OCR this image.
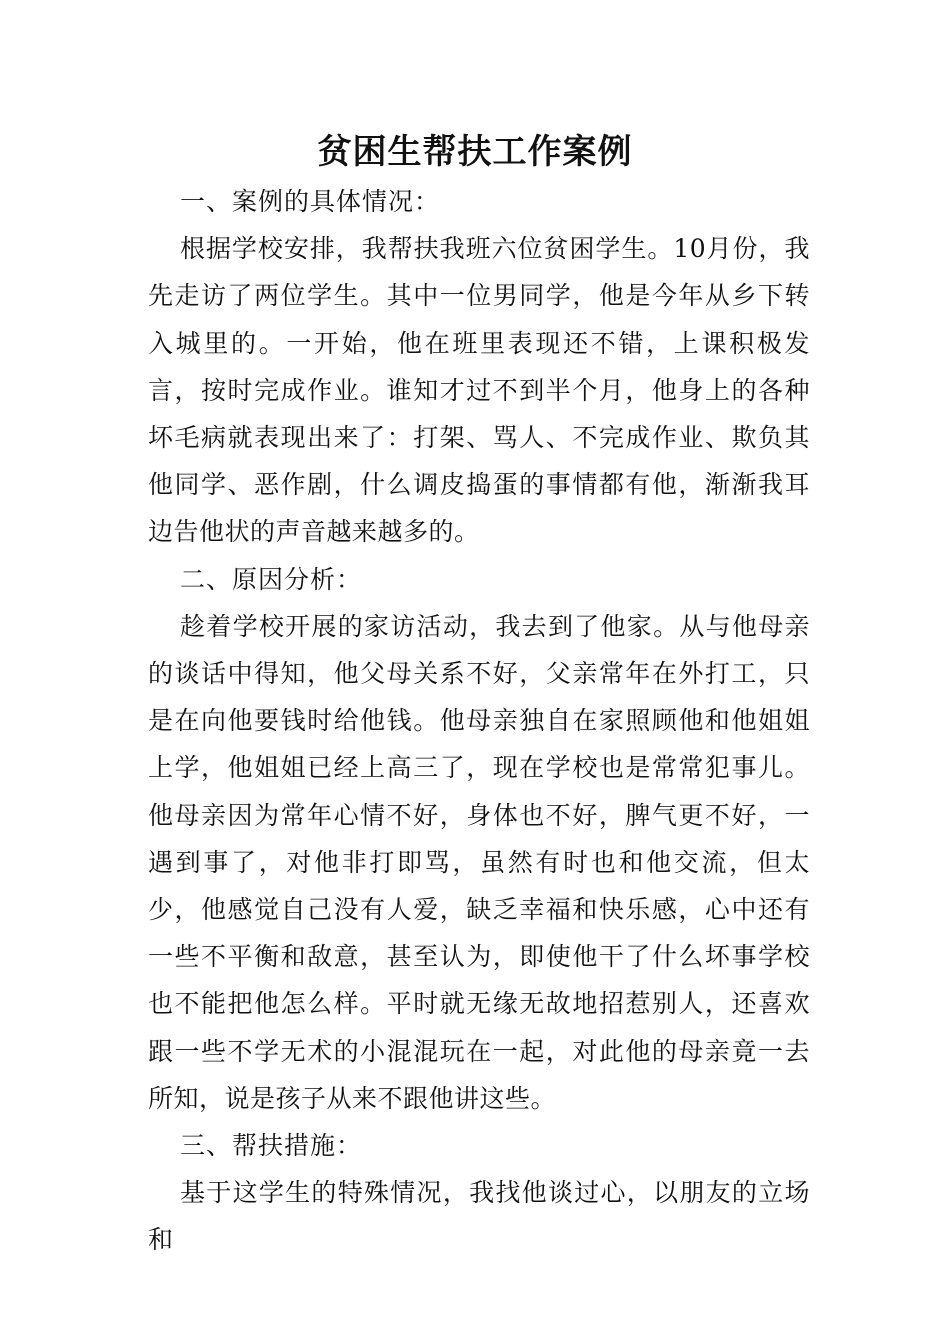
贫困生帮扶工作案例

一、案例的具体情况：

根据学校安排，我帮扶我班六位贫困学生。10月份，我先走访了两位学生。其中一位男同学，他是今年从乡下转入城里的。一开始，他在班里表现还不错，上课积极发言，按时完成作业。谁知才过不到半个月，他身上的各种坏毛病就表现出来了：打架、骂人、不完成作业、欺负其他同学、恶作剧，什么调皮捣蛋的事情都有他，渐渐我耳边告他状的声音越来越多的。

二、原因分析：

趁着学校开展的家访活动，我去到了他家。从与他母亲的谈话中得知，他父母关系不好，父亲常年在外打工，只是在向他要钱时给他钱。他母亲独自在家照顾他和他姐姐上学，他姐姐已经上高三了，现在学校也是常常犯事儿。他母亲因为常年心情不好，身体也不好，脾气更不好，一遇到事了，对他非打即骂，虽然有时也和他交流，但太少，他感觉自己没有人爱，缺乏幸福和快乐感，心中还有一些不平衡和敌意，甚至认为，即使他干了什么坏事学校也不能把他怎么样。平时就无缘无故地招惹别人，还喜欢跟一些不学无术的小混混玩在一起，对此他的母亲竟一去所知，说是孩子从来不跟他讲这些。

三、帮扶措施：

基于这学生的特殊情况，我找他谈过心，以朋友的立场和
